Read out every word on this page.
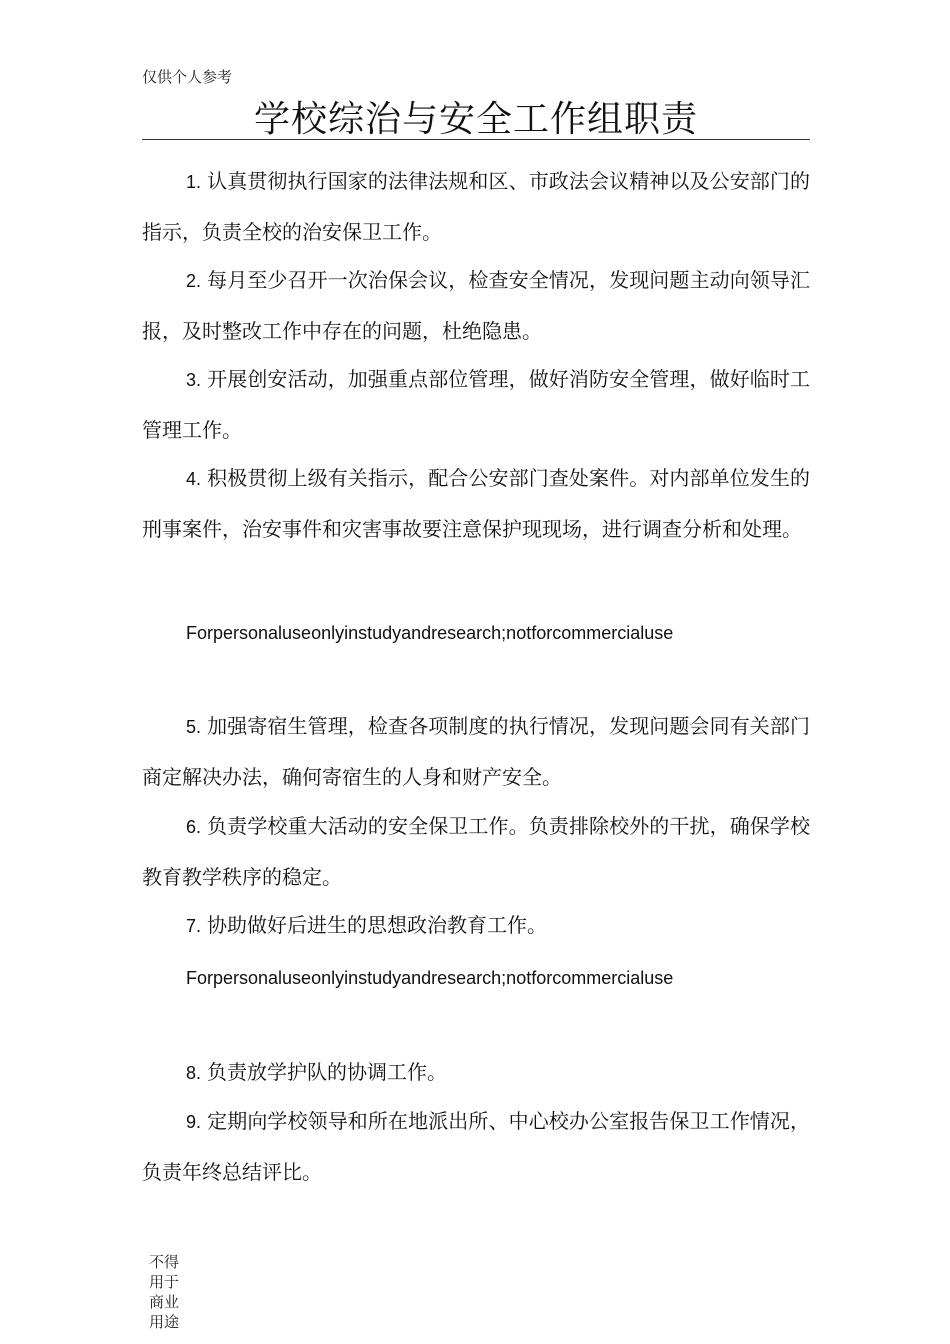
仅供个人参考
学校综治与安全工作组职责

1. 认真贯彻执行国家的法律法规和区、市政法会议精神以及公安部门的指示，负责全校的治安保卫工作。

2. 每月至少召开一次治保会议，检查安全情况，发现问题主动向领导汇报，及时整改工作中存在的问题，杜绝隐患。

3. 开展创安活动，加强重点部位管理，做好消防安全管理，做好临时工管理工作。

4. 积极贯彻上级有关指示，配合公安部门查处案件。对内部单位发生的刑事案件，治安事件和灾害事故要注意保护现现场，进行调查分析和处理。

Forpersonaluseonlyinstudyandresearch;notforcommercialuse

5. 加强寄宿生管理，检查各项制度的执行情况，发现问题会同有关部门商定解决办法，确何寄宿生的人身和财产安全。

6. 负责学校重大活动的安全保卫工作。负责排除校外的干扰，确保学校教育教学秩序的稳定。

7. 协助做好后进生的思想政治教育工作。

Forpersonaluseonlyinstudyandresearch;notforcommercialuse

8. 负责放学护队的协调工作。

9. 定期向学校领导和所在地派出所、中心校办公室报告保卫工作情况，负责年终总结评比。

不得用于商业用途
